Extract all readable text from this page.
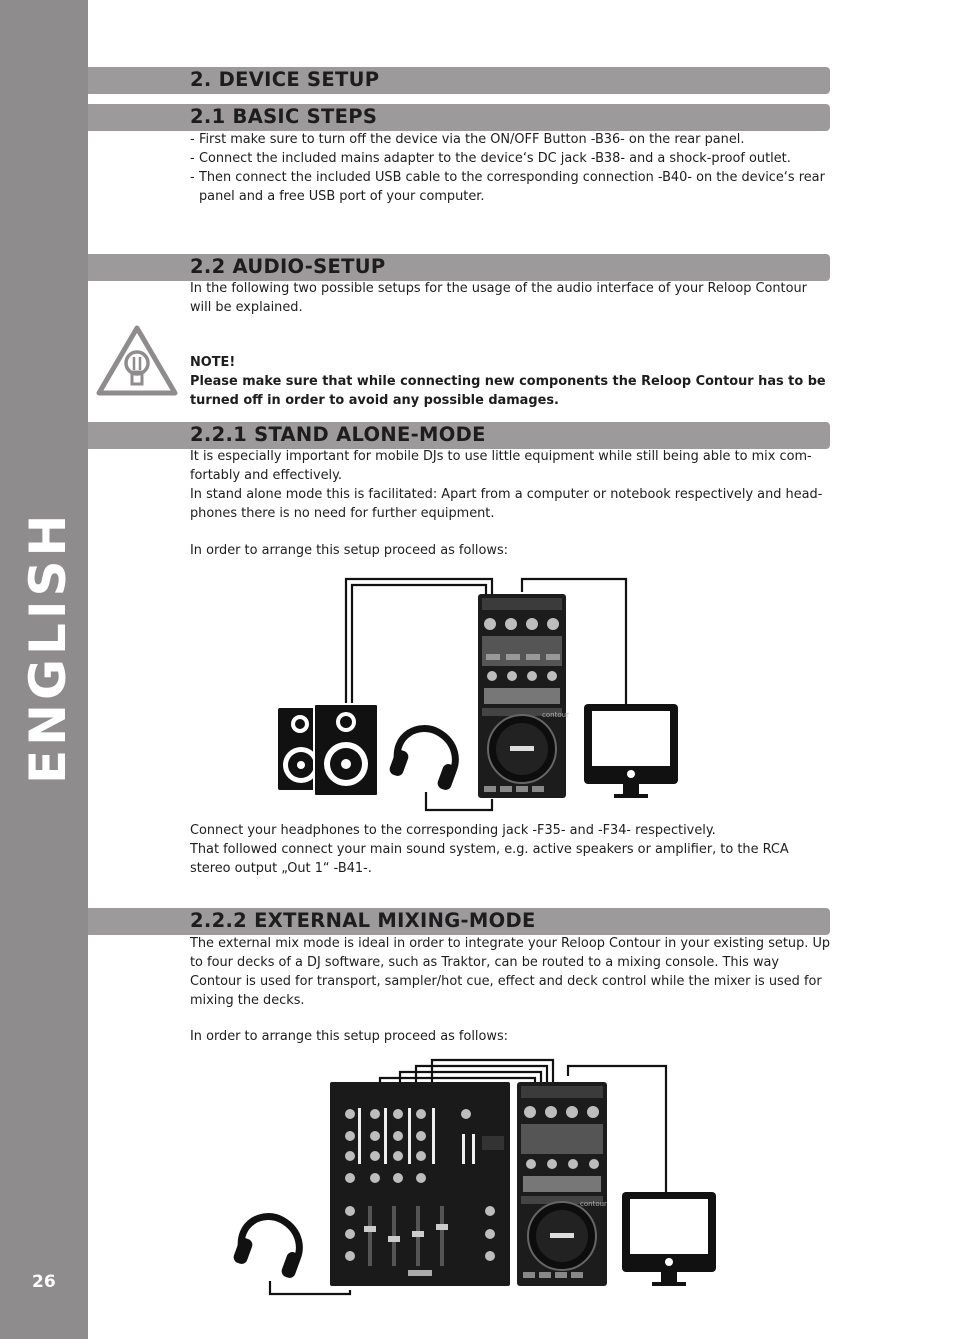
ENGLISH
26
2. DEVICE SETUP
2.1 BASIC STEPS
- First make sure to turn off the device via the ON/OFF Button -B36- on the rear panel.
- Connect the included mains adapter to the device‘s DC jack -B38- and a shock-proof outlet.
- Then connect the included USB cable to the corresponding connection -B40- on the device‘s rear panel and a free USB port of your computer.
2.2 AUDIO-SETUP
In the following two possible setups for the usage of the audio interface of your Reloop Contour will be explained.
NOTE!
Please make sure that while connecting new components the Reloop Contour has to be turned off in order to avoid any possible damages.
2.2.1 STAND ALONE-MODE
It is especially important for mobile DJs to use little equipment while still being able to mix com- fortably and effectively.
In stand alone mode this is facilitated: Apart from a computer or notebook respectively and head- phones there is no need for further equipment.
In order to arrange this setup proceed as follows:
contour
Connect your headphones to the corresponding jack -F35- and -F34- respectively.
That followed connect your main sound system, e.g. active speakers or amplifier, to the RCA stereo output „Out 1“ -B41-.
2.2.2 EXTERNAL MIXING-MODE
The external mix mode is ideal in order to integrate your Reloop Contour in your existing setup. Up to four decks of a DJ software, such as Traktor, can be routed to a mixing console. This way Contour is used for transport, sampler/hot cue, effect and deck control while the mixer is used for mixing the decks.
In order to arrange this setup proceed as follows:
contour
